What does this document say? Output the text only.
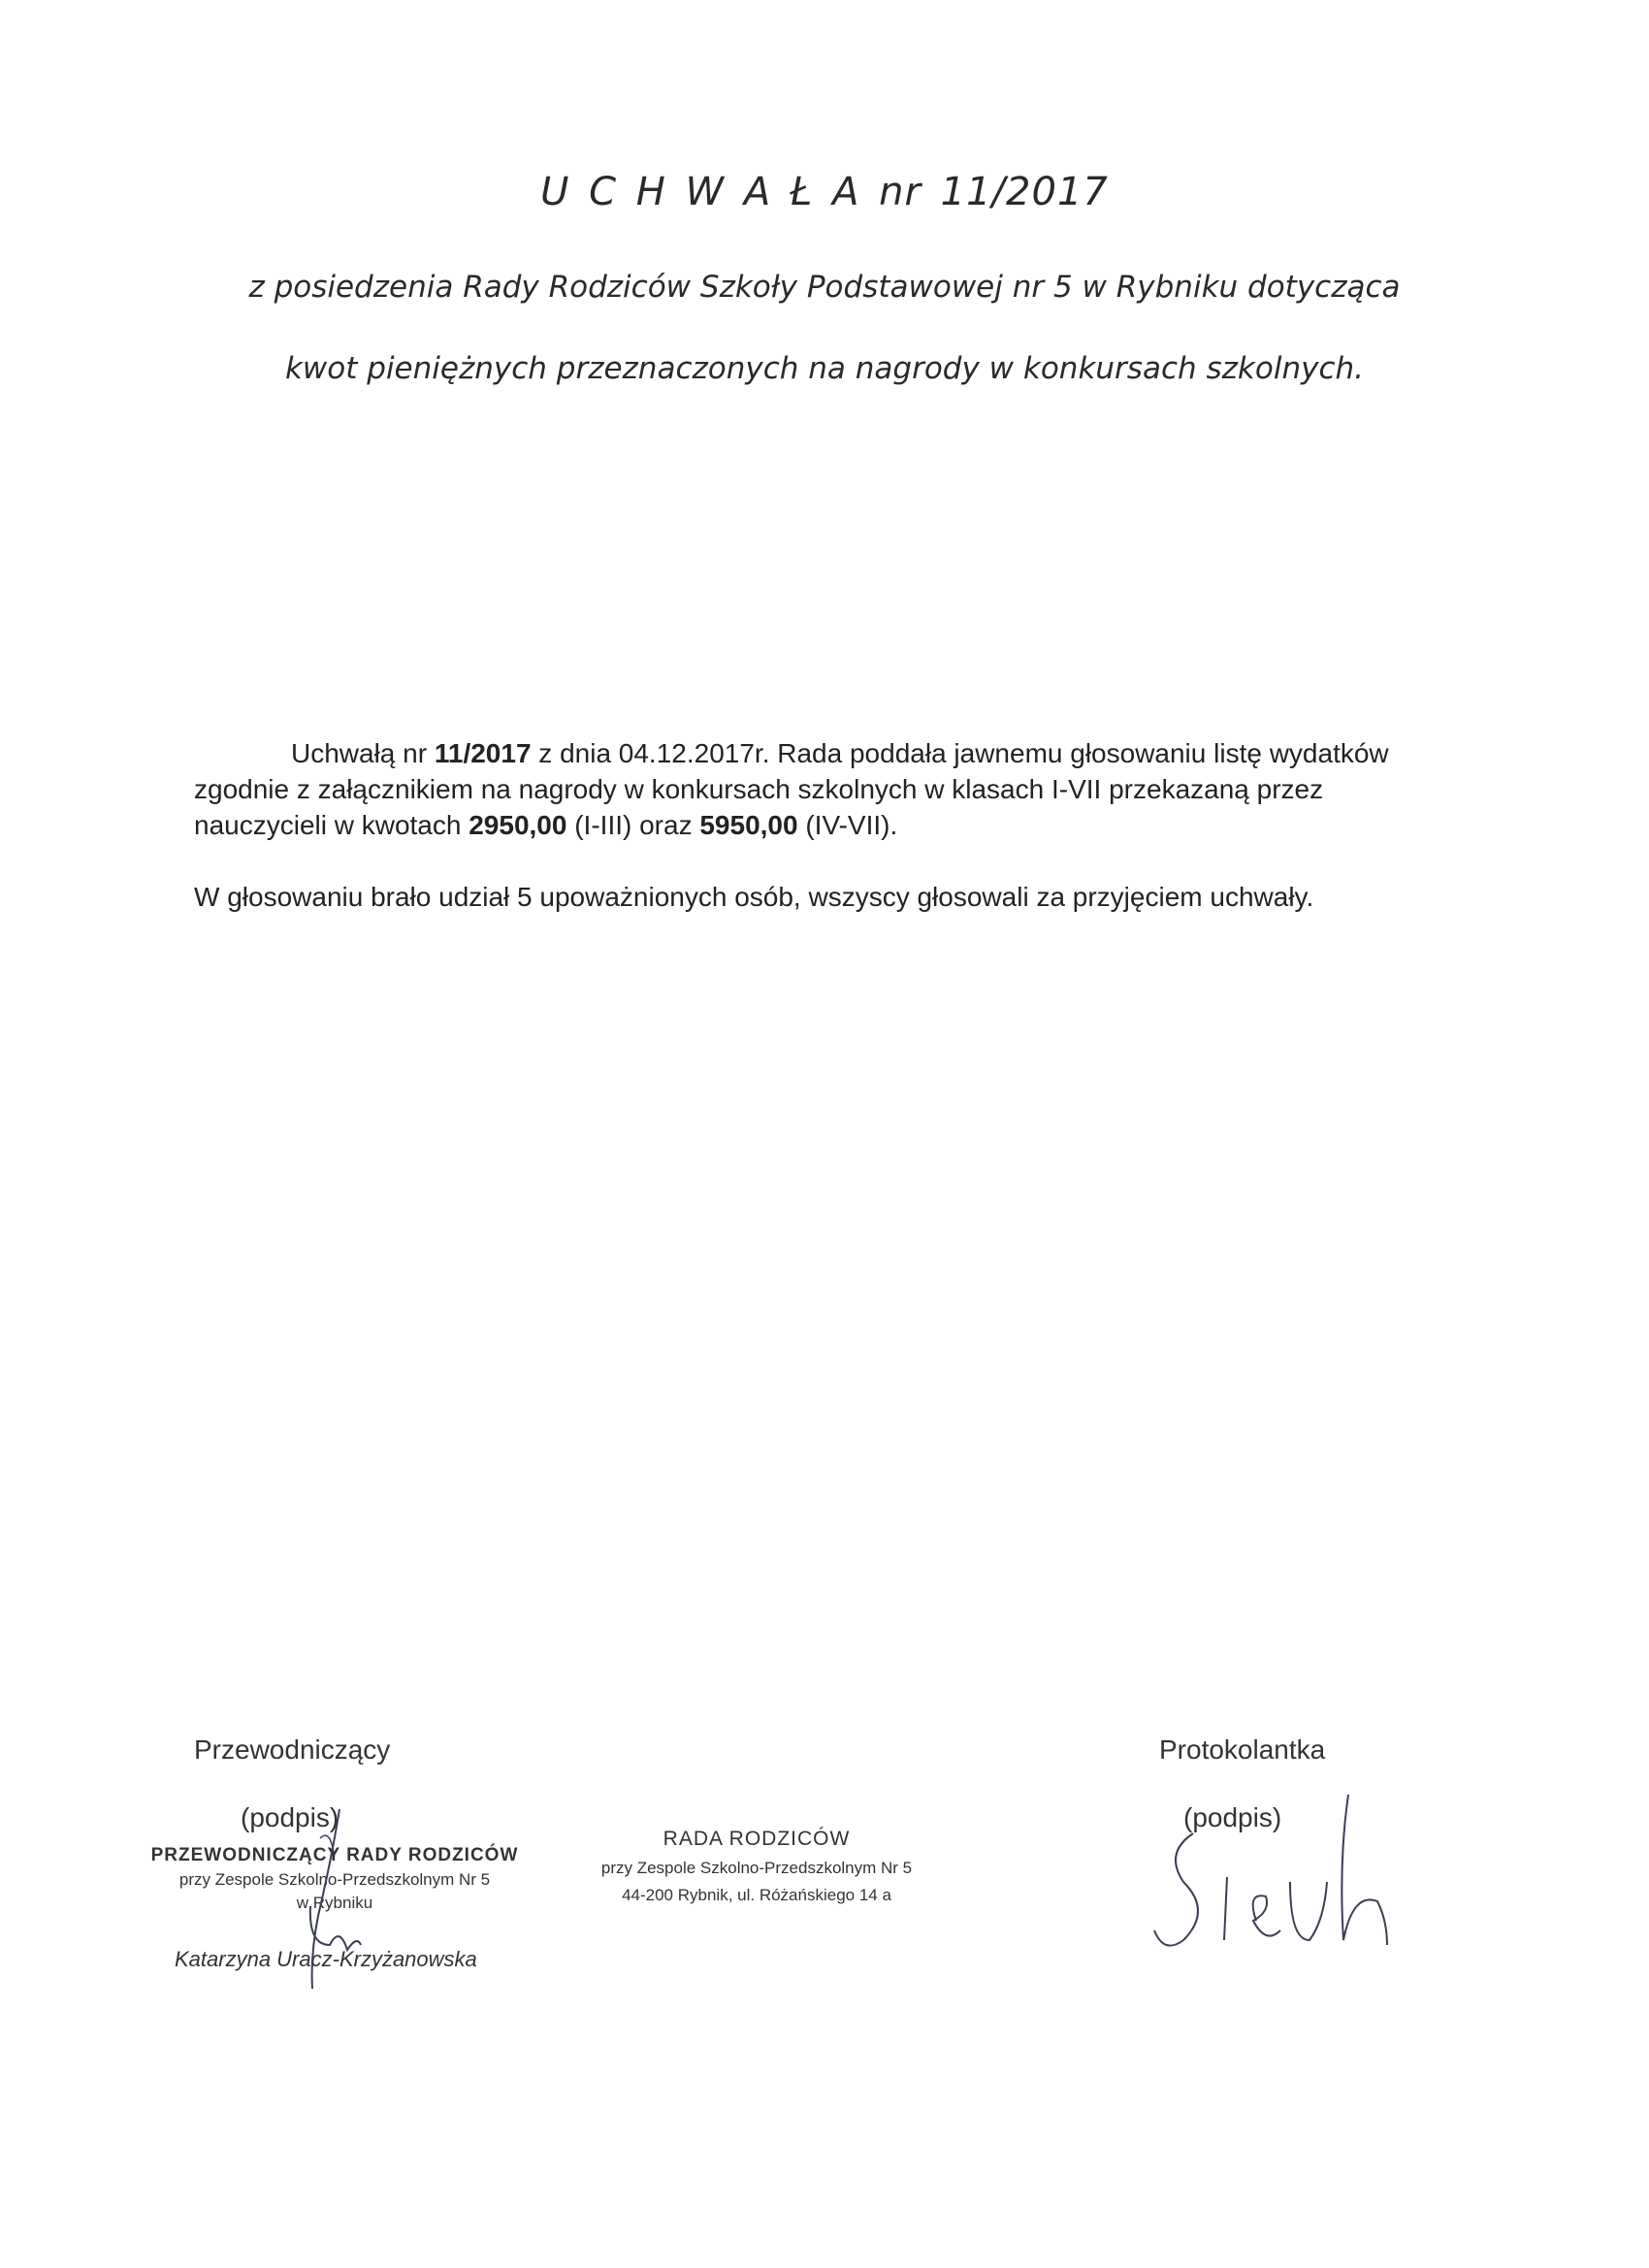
U C H W A Ł A nr 11/2017
z posiedzenia Rady Rodziców Szkoły Podstawowej nr 5 w Rybniku dotycząca
kwot pieniężnych przeznaczonych na nagrody w konkursach szkolnych.
Uchwałą nr 11/2017 z dnia 04.12.2017r. Rada poddała jawnemu głosowaniu listę wydatków zgodnie z załącznikiem na nagrody w konkursach szkolnych w klasach I-VII przekazaną przez nauczycieli w kwotach 2950,00 (I-III) oraz 5950,00 (IV-VII).
W głosowaniu brało udział 5 upoważnionych osób, wszyscy głosowali za przyjęciem uchwały.
Przewodniczący
(podpis)
PRZEWODNICZĄCY RADY RODZICÓW
przy Zespole Szkolno-Przedszkolnym Nr 5
w Rybniku
Katarzyna Uracz-Krzyżanowska
RADA RODZICÓW
przy Zespole Szkolno-Przedszkolnym Nr 5
44-200 Rybnik, ul. Różańskiego 14 a
Protokolantka
(podpis)
